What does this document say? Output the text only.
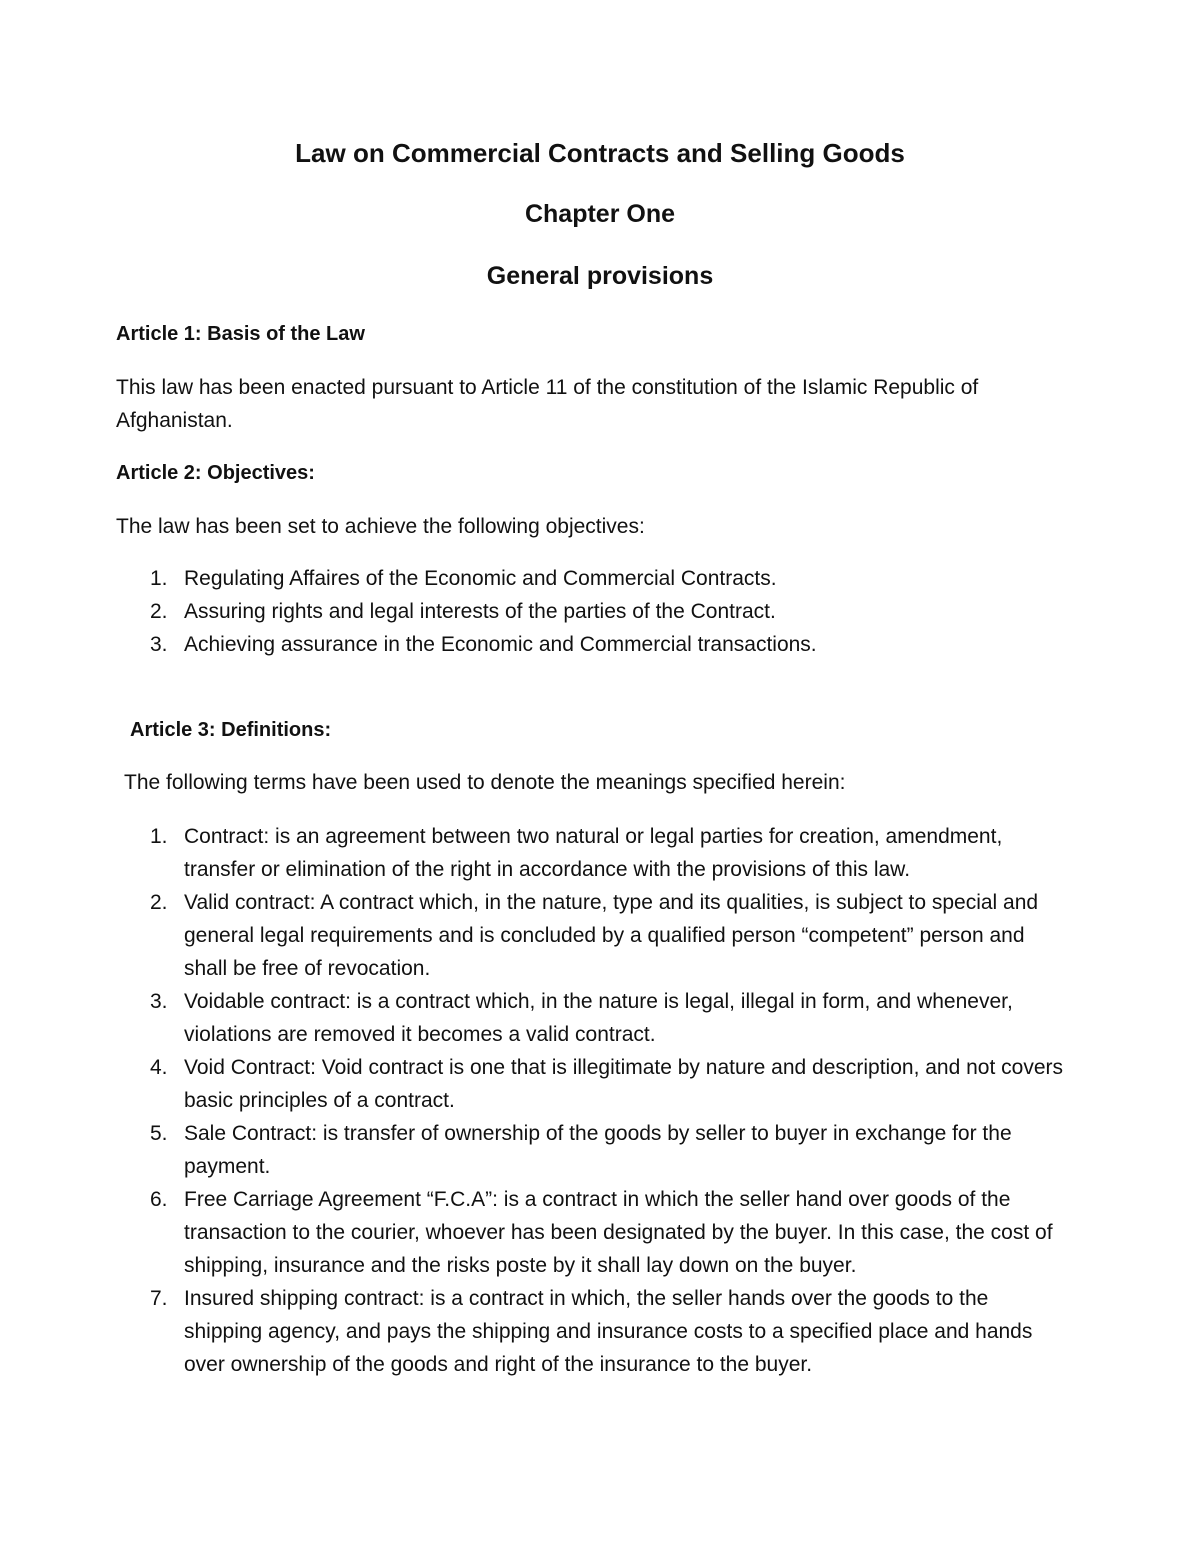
Law on Commercial Contracts and Selling Goods
Chapter One
General provisions
Article 1: Basis of the Law

This law has been enacted pursuant to Article 11 of the constitution of the Islamic Republic of Afghanistan.

Article 2: Objectives:

The law has been set to achieve the following objectives:

1. Regulating Affaires of the Economic and Commercial Contracts.
2. Assuring rights and legal interests of the parties of the Contract.
3. Achieving assurance in the Economic and Commercial transactions.
Article 3: Definitions:

The following terms have been used to denote the meanings specified herein:

1. Contract: is an agreement between two natural or legal parties for creation, amendment, transfer or elimination of the right in accordance with the provisions of this law.
2. Valid contract: A contract which, in the nature, type and its qualities, is subject to special and general legal requirements and is concluded by a qualified person “competent” person and shall be free of revocation.
3. Voidable contract: is a contract which, in the nature is legal, illegal in form, and whenever, violations are removed it becomes a valid contract.
4. Void Contract: Void contract is one that is illegitimate by nature and description, and not covers basic principles of a contract.
5. Sale Contract: is transfer of ownership of the goods by seller to buyer in exchange for the payment.
6. Free Carriage Agreement “F.C.A”: is a contract in which the seller hand over goods of the transaction to the courier, whoever has been designated by the buyer. In this case, the cost of shipping, insurance and the risks poste by it shall lay down on the buyer.
7. Insured shipping contract: is a contract in which, the seller hands over the goods to the shipping agency, and pays the shipping and insurance costs to a specified place and hands over ownership of the goods and right of the insurance to the buyer.
